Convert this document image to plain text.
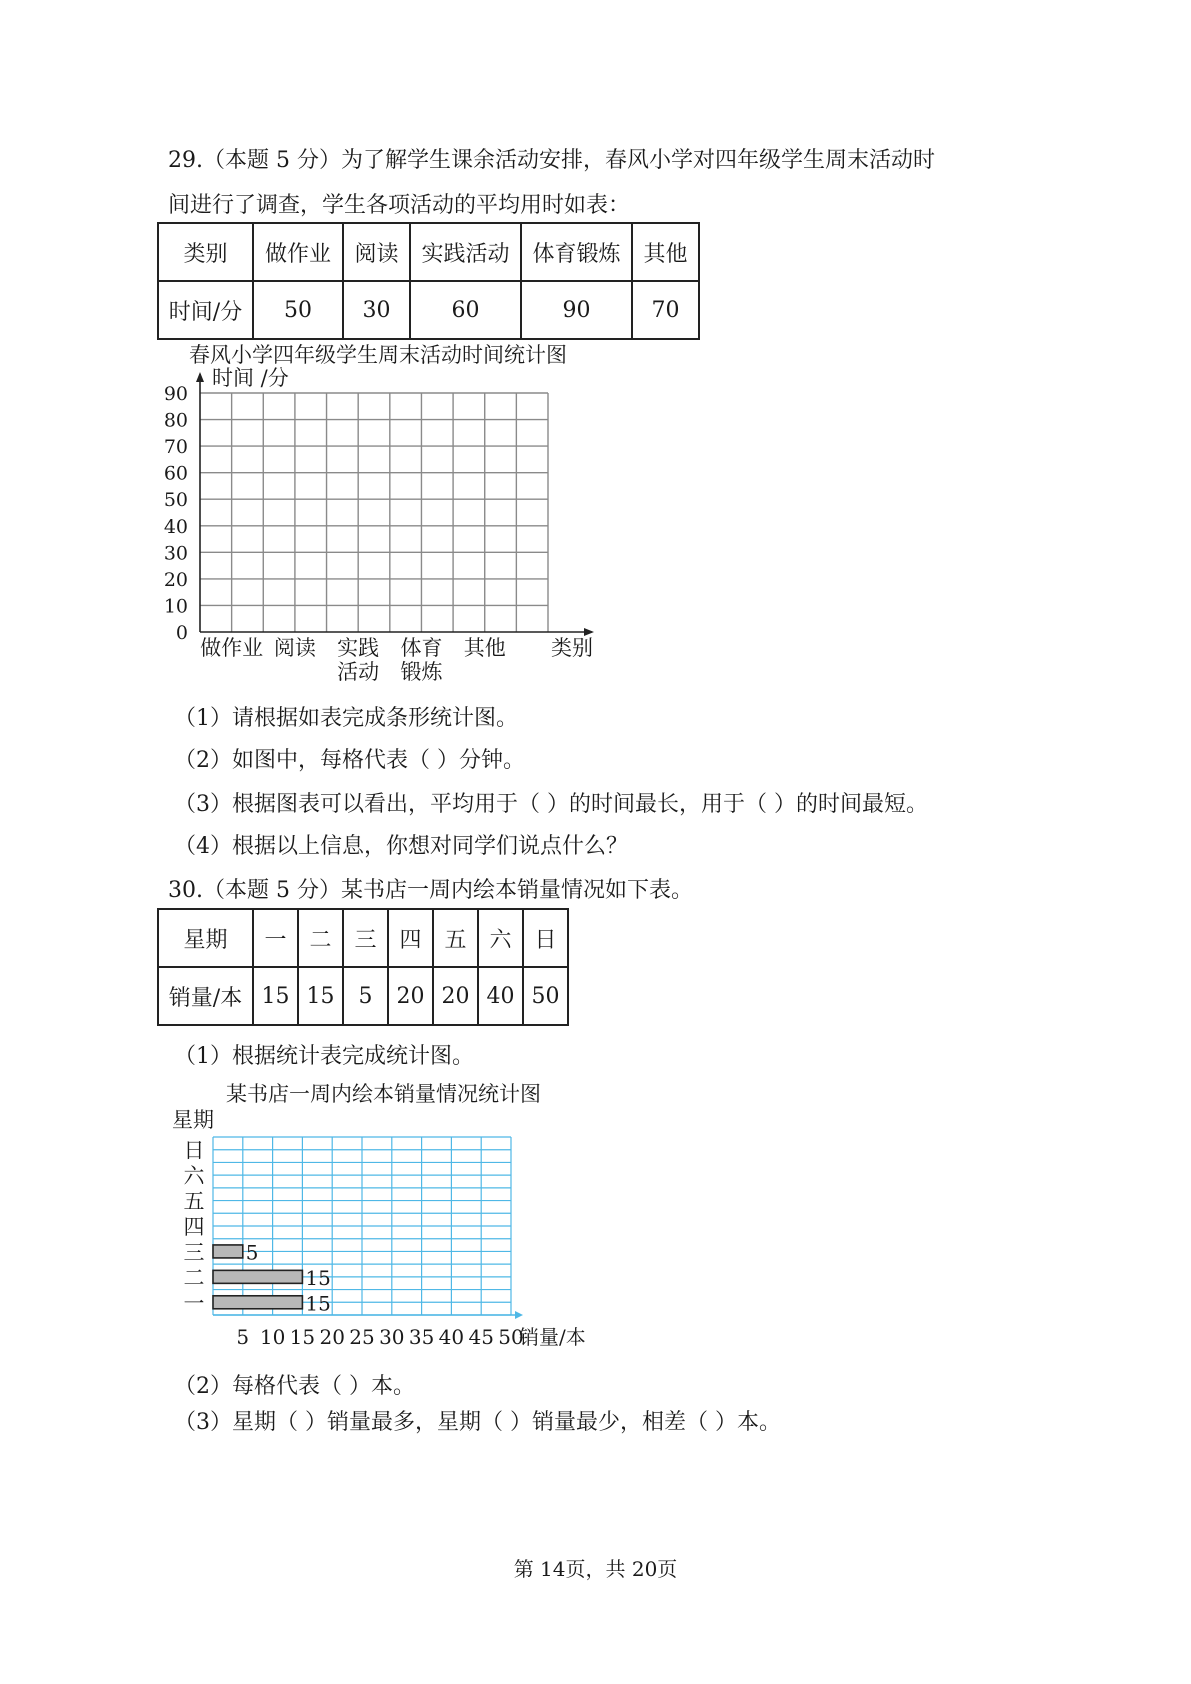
29.（本题 5 分）为了解学生课余活动安排，春风小学对四年级学生周末活动时
间进行了调查，学生各项活动的平均用时如表：
类别	做作业	阅读	实践活动	体育锻炼	其他
时间/分	50	30	60	90	70
春风小学四年级学生周末活动时间统计图
时间 /分
0
10
20
30
40
50
60
70
80
90
做作业 阅读 实践
活动
体育
锻炼
其他 类别
（1）请根据如表完成条形统计图。
（2）如图中，每格代表（ ）分钟。
（3）根据图表可以看出，平均用于（ ）的时间最长，用于（ ）的时间最短。
（4）根据以上信息，你想对同学们说点什么？
30.（本题 5 分）某书店一周内绘本销量情况如下表。
星期	一	二	三	四	五	六	日
销量/本	15	15	5	20	20	40	50
（1）根据统计表完成统计图。
某书店一周内绘本销量情况统计图
星期
一
二
三
四
五
六
日
15
15
5
5 10 15 20 25 30 35 40 45 50
销量/本
（2）每格代表（ ）本。
（3）星期（ ）销量最多，星期（ ）销量最少，相差（ ）本。
第 14页，共 20页
